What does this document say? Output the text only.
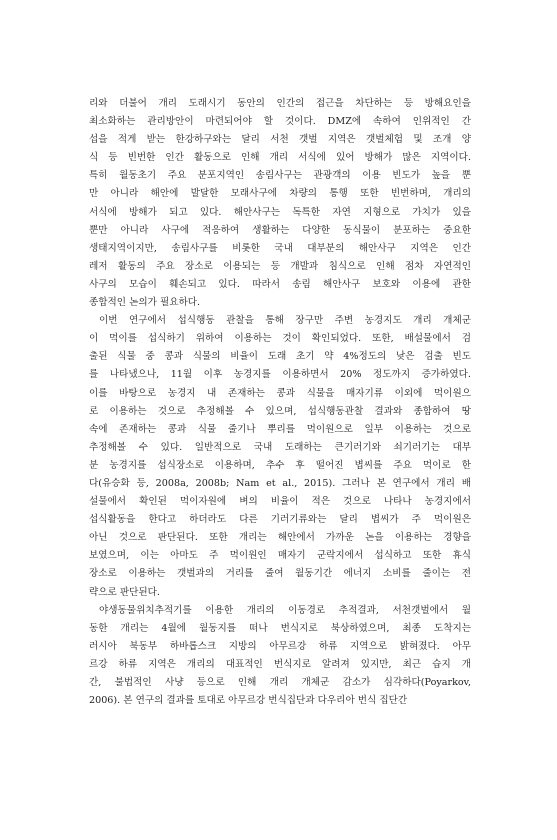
리와 더불어 개리 도래시기 동안의 인간의 접근을 차단하는 등 방해요인을
최소화하는 관리방안이 마련되어야 할 것이다. DMZ에 속하여 인위적인 간
섭을 적게 받는 한강하구와는 달리 서천 갯벌 지역은 갯벌체험 및 조개 양
식 등 빈번한 인간 활동으로 인해 개리 서식에 있어 방해가 많은 지역이다.
특히 월동초기 주요 분포지역인 송림사구는 관광객의 이용 빈도가 높을 뿐
만 아니라 해안에 발달한 모래사구에 차량의 통행 또한 빈번하며, 개리의
서식에 방해가 되고 있다. 해안사구는 독특한 자연 지형으로 가치가 있을
뿐만 아니라 사구에 적응하여 생활하는 다양한 동식물이 분포하는 중요한
생태지역이지만, 송림사구를 비롯한 국내 대부분의 해안사구 지역은 인간
레저 활동의 주요 장소로 이용되는 등 개발과 침식으로 인해 점차 자연적인
사구의 모습이 훼손되고 있다. 따라서 송림 해안사구 보호와 이용에 관한
종합적인 논의가 필요하다.
이번 연구에서 섭식행동 관찰을 통해 장구만 주변 농경지도 개리 개체군
이 먹이를 섭식하기 위하여 이용하는 것이 확인되었다. 또한, 배설물에서 검
출된 식물 중 콩과 식물의 비율이 도래 초기 약 4%정도의 낮은 검출 빈도
를 나타냈으나, 11월 이후 농경지를 이용하면서 20% 정도까지 증가하였다.
이를 바탕으로 농경지 내 존재하는 콩과 식물을 매자기류 이외에 먹이원으
로 이용하는 것으로 추정해볼 수 있으며, 섭식행동관찰 결과와 종합하여 땅
속에 존재하는 콩과 식물 줄기나 뿌리를 먹이원으로 일부 이용하는 것으로
추정해볼 수 있다. 일반적으로 국내 도래하는 큰기러기와 쇠기러기는 대부
분 농경지를 섭식장소로 이용하며, 추수 후 떨어진 볍씨를 주요 먹이로 한
다(유승화 등, 2008a, 2008b; Nam et al., 2015). 그러나 본 연구에서 개리 배
설물에서 확인된 먹이자원에 벼의 비율이 적은 것으로 나타나 농경지에서
섭식활동을 한다고 하더라도 다른 기러기류와는 달리 볍씨가 주 먹이원은
아닌 것으로 판단된다. 또한 개리는 해안에서 가까운 논을 이용하는 경향을
보였으며, 이는 아마도 주 먹이원인 매자기 군락지에서 섭식하고 또한 휴식
장소로 이용하는 갯벌과의 거리를 줄여 월동기간 에너지 소비를 줄이는 전
략으로 판단된다.
야생동물위치추적기를 이용한 개리의 이동경로 추적결과, 서천갯벌에서 월
동한 개리는 4월에 월동지를 떠나 번식지로 북상하였으며, 최종 도착지는
러시아 북동부 하바롭스크 지방의 아무르강 하류 지역으로 밝혀졌다. 아무
르강 하류 지역은 개리의 대표적인 번식지로 알려져 있지만, 최근 습지 개
간, 불법적인 사냥 등으로 인해 개리 개체군 감소가 심각하다(Poyarkov,
2006). 본 연구의 결과를 토대로 아무르강 번식집단과 다우리아 번식 집단간
